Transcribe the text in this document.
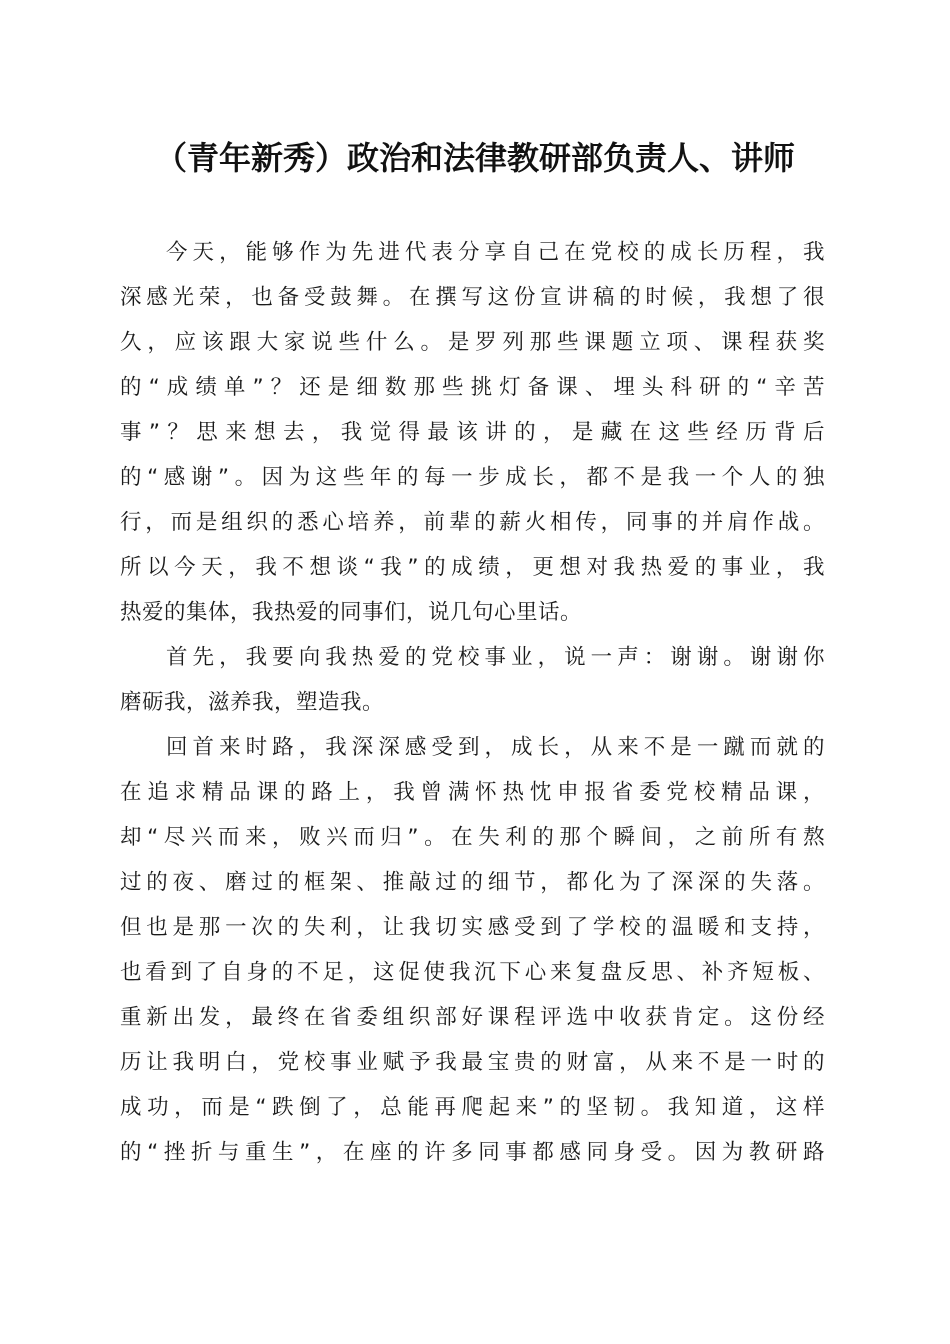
（青年新秀）政治和法律教研部负责人、讲师
今天，能够作为先进代表分享自己在党校的成长历程，我
深感光荣，也备受鼓舞。在撰写这份宣讲稿的时候，我想了很
久，应该跟大家说些什么。是罗列那些课题立项、课程获奖
的“成绩单”？还是细数那些挑灯备课、埋头科研的“辛苦
事”？思来想去，我觉得最该讲的，是藏在这些经历背后
的“感谢”。因为这些年的每一步成长，都不是我一个人的独
行，而是组织的悉心培养，前辈的薪火相传，同事的并肩作战。
所以今天，我不想谈“我”的成绩，更想对我热爱的事业，我
热爱的集体，我热爱的同事们，说几句心里话。
首先，我要向我热爱的党校事业，说一声：谢谢。谢谢你
磨砺我，滋养我，塑造我。
回首来时路，我深深感受到，成长，从来不是一蹴而就的
在追求精品课的路上，我曾满怀热忱申报省委党校精品课，
却“尽兴而来，败兴而归”。在失利的那个瞬间，之前所有熬
过的夜、磨过的框架、推敲过的细节，都化为了深深的失落。
但也是那一次的失利，让我切实感受到了学校的温暖和支持，
也看到了自身的不足，这促使我沉下心来复盘反思、补齐短板、
重新出发，最终在省委组织部好课程评选中收获肯定。这份经
历让我明白，党校事业赋予我最宝贵的财富，从来不是一时的
成功，而是“跌倒了，总能再爬起来”的坚韧。我知道，这样
的“挫折与重生”，在座的许多同事都感同身受。因为教研路
